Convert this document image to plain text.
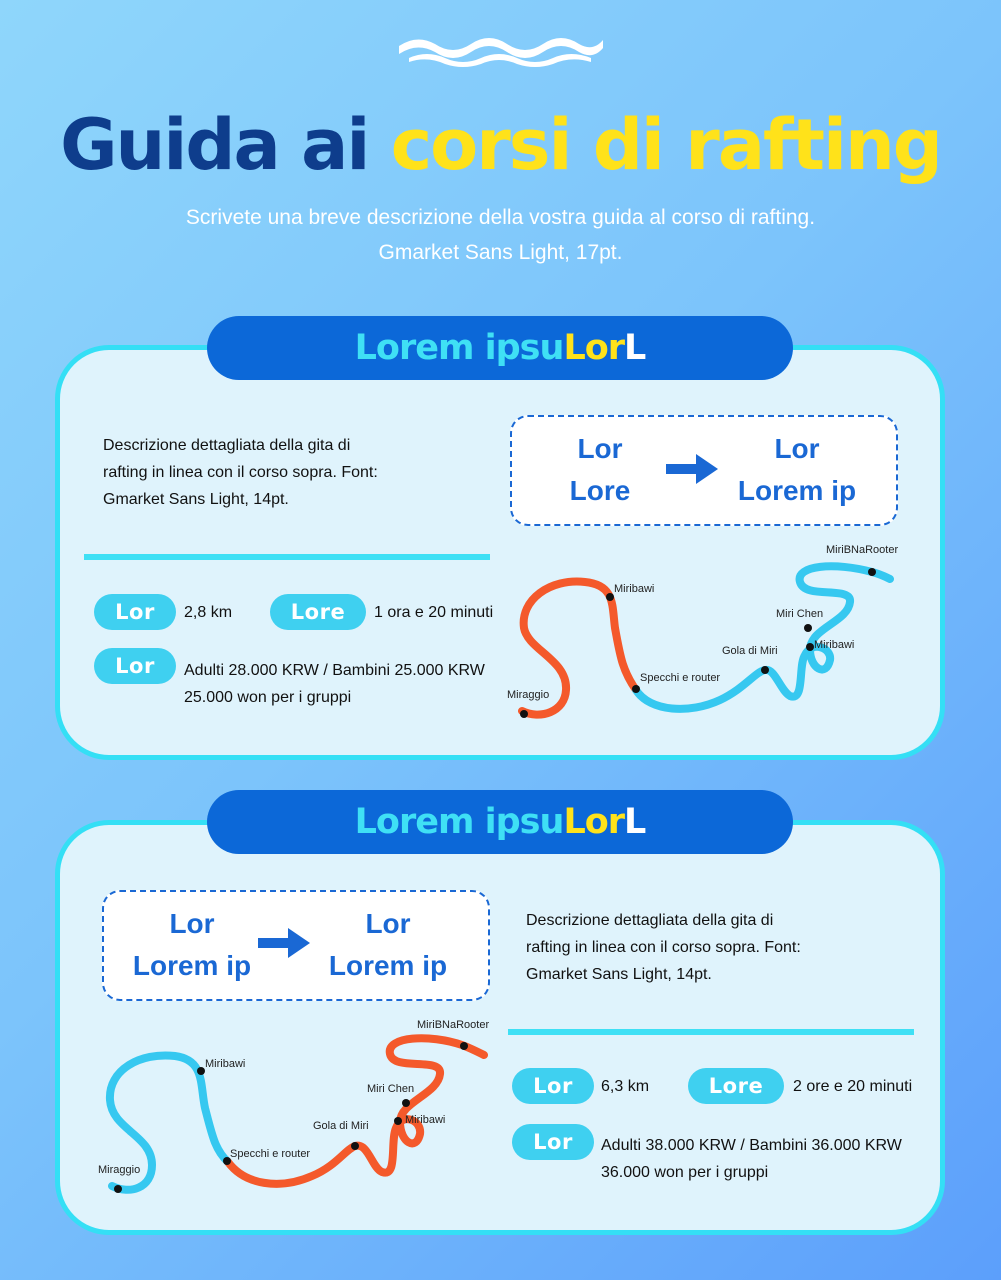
Guida ai corsi di rafting
Scrivete una breve descrizione della vostra guida al corso di rafting.
Gmarket Sans Light, 17pt.
Lorem ipsuLorL
Descrizione dettagliata della gita di
rafting in linea con il corso sopra. Font:
Gmarket Sans Light, 14pt.
Lor
Lore
Lor
Lorem ip
Lor	2,8 km	Lore	1 ora e 20 minuti
Lor	Adulti 28.000 KRW / Bambini 25.000 KRW
25.000 won per i gruppi	Miraggio
Miribawi
Specchi e router
Gola di Miri	Miribawi
Miri Chen
MiriBNaRooter
Lorem ipsuLorL
Lor
Lorem ip
Lor
Lorem ip
Descrizione dettagliata della gita di
rafting in linea con il corso sopra. Font:
Gmarket Sans Light, 14pt.
Lor	6,3 km	Lore	2 ore e 20 minuti
Lor	Adulti 38.000 KRW / Bambini 36.000 KRW
36.000 won per i gruppi
Miraggio
Miribawi
Specchi e router
Gola di Miri	Miribawi
Miri Chen
MiriBNaRooter
